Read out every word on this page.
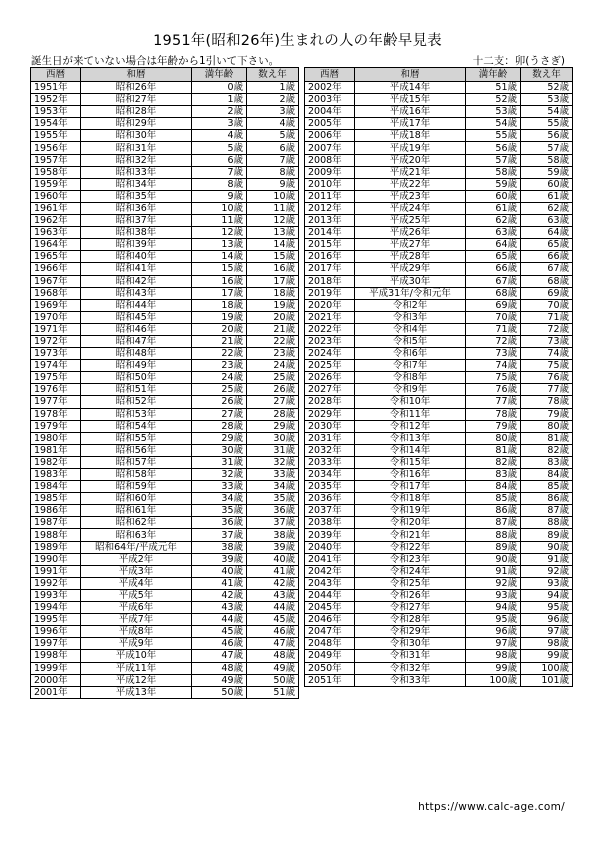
1951年(昭和26年)生まれの人の年齢早見表
誕生日が来ていない場合は年齢から1引いて下さい。	十二支：卯(うさぎ)
西暦	和暦	満年齢	数え年
1951年	昭和26年	0歳	1歳
1952年	昭和27年	1歳	2歳
1953年	昭和28年	2歳	3歳
1954年	昭和29年	3歳	4歳
1955年	昭和30年	4歳	5歳
1956年	昭和31年	5歳	6歳
1957年	昭和32年	6歳	7歳
1958年	昭和33年	7歳	8歳
1959年	昭和34年	8歳	9歳
1960年	昭和35年	9歳	10歳
1961年	昭和36年	10歳	11歳
1962年	昭和37年	11歳	12歳
1963年	昭和38年	12歳	13歳
1964年	昭和39年	13歳	14歳
1965年	昭和40年	14歳	15歳
1966年	昭和41年	15歳	16歳
1967年	昭和42年	16歳	17歳
1968年	昭和43年	17歳	18歳
1969年	昭和44年	18歳	19歳
1970年	昭和45年	19歳	20歳
1971年	昭和46年	20歳	21歳
1972年	昭和47年	21歳	22歳
1973年	昭和48年	22歳	23歳
1974年	昭和49年	23歳	24歳
1975年	昭和50年	24歳	25歳
1976年	昭和51年	25歳	26歳
1977年	昭和52年	26歳	27歳
1978年	昭和53年	27歳	28歳
1979年	昭和54年	28歳	29歳
1980年	昭和55年	29歳	30歳
1981年	昭和56年	30歳	31歳
1982年	昭和57年	31歳	32歳
1983年	昭和58年	32歳	33歳
1984年	昭和59年	33歳	34歳
1985年	昭和60年	34歳	35歳
1986年	昭和61年	35歳	36歳
1987年	昭和62年	36歳	37歳
1988年	昭和63年	37歳	38歳
1989年	昭和64年/平成元年	38歳	39歳
1990年	平成2年	39歳	40歳
1991年	平成3年	40歳	41歳
1992年	平成4年	41歳	42歳
1993年	平成5年	42歳	43歳
1994年	平成6年	43歳	44歳
1995年	平成7年	44歳	45歳
1996年	平成8年	45歳	46歳
1997年	平成9年	46歳	47歳
1998年	平成10年	47歳	48歳
1999年	平成11年	48歳	49歳
2000年	平成12年	49歳	50歳
2001年	平成13年	50歳	51歳
西暦	和暦	満年齢	数え年
2002年	平成14年	51歳	52歳
2003年	平成15年	52歳	53歳
2004年	平成16年	53歳	54歳
2005年	平成17年	54歳	55歳
2006年	平成18年	55歳	56歳
2007年	平成19年	56歳	57歳
2008年	平成20年	57歳	58歳
2009年	平成21年	58歳	59歳
2010年	平成22年	59歳	60歳
2011年	平成23年	60歳	61歳
2012年	平成24年	61歳	62歳
2013年	平成25年	62歳	63歳
2014年	平成26年	63歳	64歳
2015年	平成27年	64歳	65歳
2016年	平成28年	65歳	66歳
2017年	平成29年	66歳	67歳
2018年	平成30年	67歳	68歳
2019年	平成31年/令和元年	68歳	69歳
2020年	令和2年	69歳	70歳
2021年	令和3年	70歳	71歳
2022年	令和4年	71歳	72歳
2023年	令和5年	72歳	73歳
2024年	令和6年	73歳	74歳
2025年	令和7年	74歳	75歳
2026年	令和8年	75歳	76歳
2027年	令和9年	76歳	77歳
2028年	令和10年	77歳	78歳
2029年	令和11年	78歳	79歳
2030年	令和12年	79歳	80歳
2031年	令和13年	80歳	81歳
2032年	令和14年	81歳	82歳
2033年	令和15年	82歳	83歳
2034年	令和16年	83歳	84歳
2035年	令和17年	84歳	85歳
2036年	令和18年	85歳	86歳
2037年	令和19年	86歳	87歳
2038年	令和20年	87歳	88歳
2039年	令和21年	88歳	89歳
2040年	令和22年	89歳	90歳
2041年	令和23年	90歳	91歳
2042年	令和24年	91歳	92歳
2043年	令和25年	92歳	93歳
2044年	令和26年	93歳	94歳
2045年	令和27年	94歳	95歳
2046年	令和28年	95歳	96歳
2047年	令和29年	96歳	97歳
2048年	令和30年	97歳	98歳
2049年	令和31年	98歳	99歳
2050年	令和32年	99歳	100歳
2051年	令和33年	100歳	101歳
https://www.calc-age.com/
